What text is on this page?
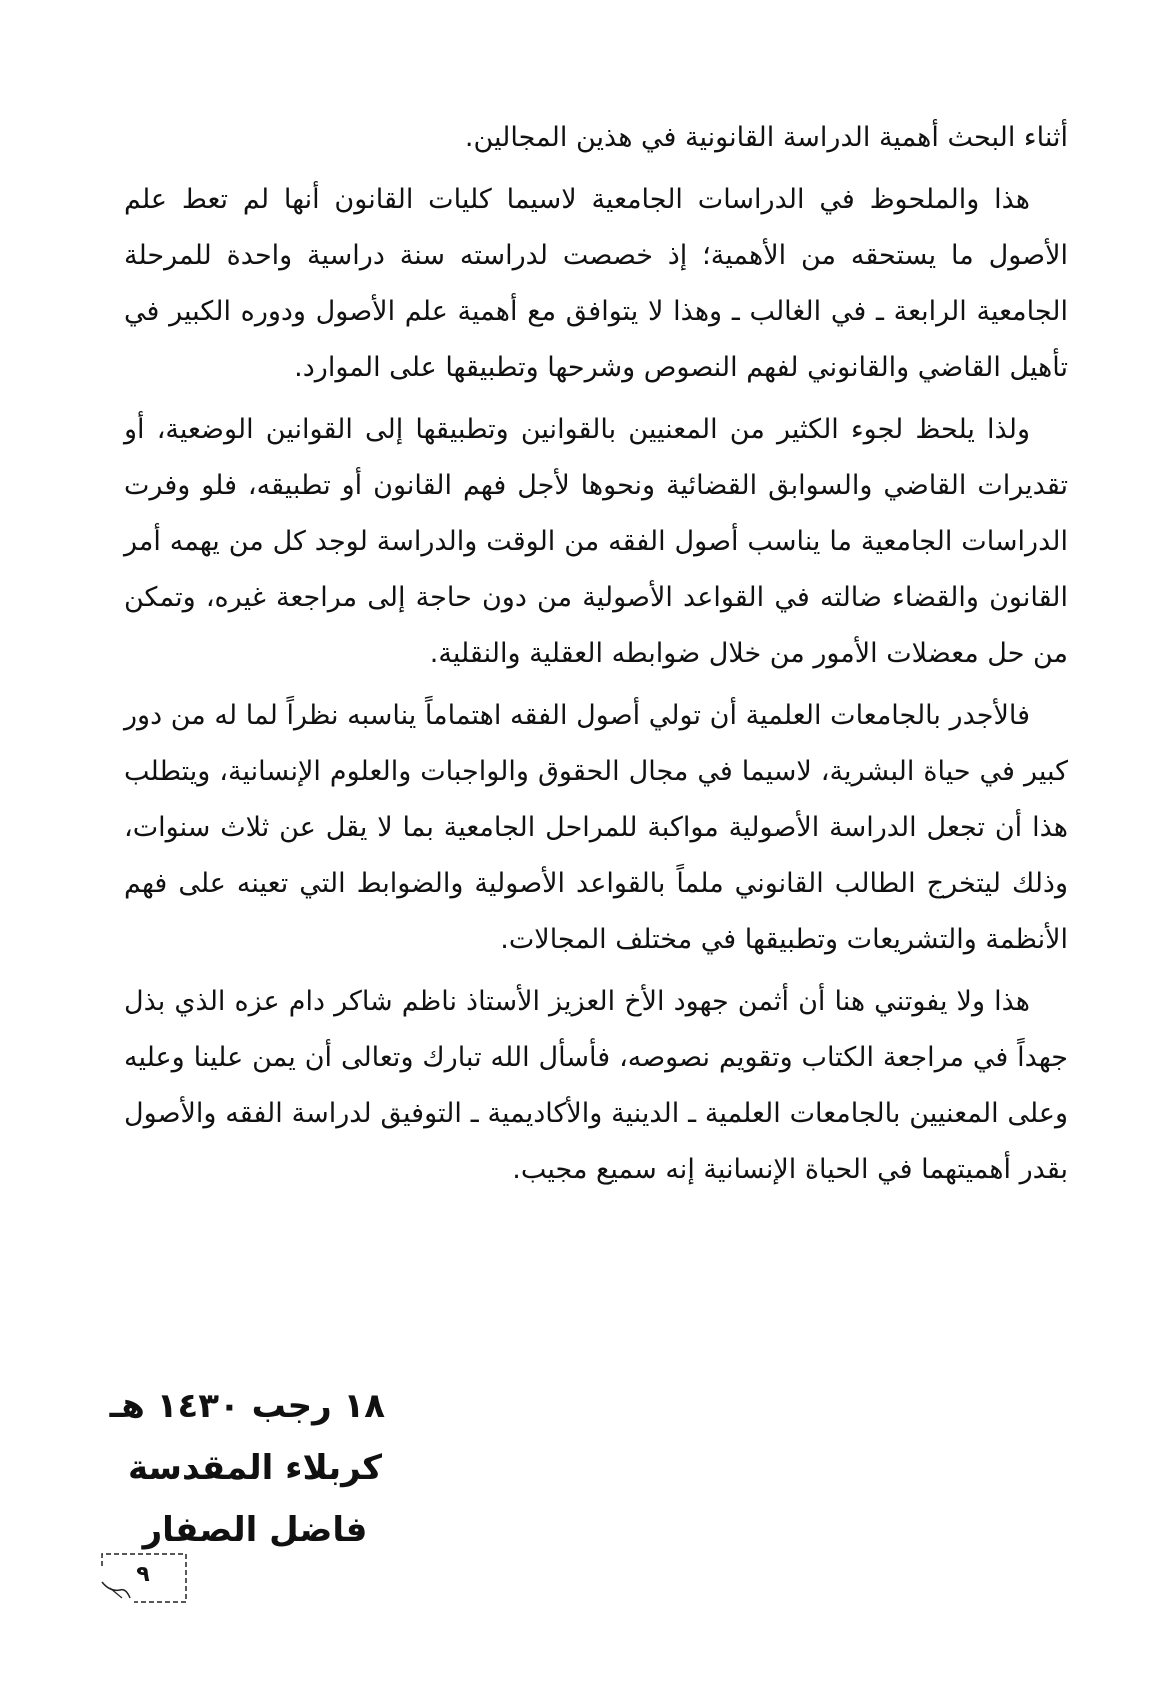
أثناء البحث أهمية الدراسة القانونية في هذين المجالين.

هذا والملحوظ في الدراسات الجامعية لاسيما كليات القانون أنها لم تعط علم الأصول ما يستحقه من الأهمية؛ إذ خصصت لدراسته سنة دراسية واحدة للمرحلة الجامعية الرابعة ـ في الغالب ـ وهذا لا يتوافق مع أهمية علم الأصول ودوره الكبير في تأهيل القاضي والقانوني لفهم النصوص وشرحها وتطبيقها على الموارد.

ولذا يلحظ لجوء الكثير من المعنيين بالقوانين وتطبيقها إلى القوانين الوضعية، أو تقديرات القاضي والسوابق القضائية ونحوها لأجل فهم القانون أو تطبيقه، فلو وفرت الدراسات الجامعية ما يناسب أصول الفقه من الوقت والدراسة لوجد كل من يهمه أمر القانون والقضاء ضالته في القواعد الأصولية من دون حاجة إلى مراجعة غيره، وتمكن من حل معضلات الأمور من خلال ضوابطه العقلية والنقلية.

فالأجدر بالجامعات العلمية أن تولي أصول الفقه اهتماماً يناسبه نظراً لما له من دور كبير في حياة البشرية، لاسيما في مجال الحقوق والواجبات والعلوم الإنسانية، ويتطلب هذا أن تجعل الدراسة الأصولية مواكبة للمراحل الجامعية بما لا يقل عن ثلاث سنوات، وذلك ليتخرج الطالب القانوني ملماً بالقواعد الأصولية والضوابط التي تعينه على فهم الأنظمة والتشريعات وتطبيقها في مختلف المجالات.

هذا ولا يفوتني هنا أن أثمن جهود الأخ العزيز الأستاذ ناظم شاكر دام عزه الذي بذل جهداً في مراجعة الكتاب وتقويم نصوصه، فأسأل الله تبارك وتعالى أن يمن علينا وعليه وعلى المعنيين بالجامعات العلمية ـ الدينية والأكاديمية ـ التوفيق لدراسة الفقه والأصول بقدر أهميتهما في الحياة الإنسانية إنه سميع مجيب.

١٨ رجب ١٤٣٠ هـ
كربلاء المقدسة
فاضل الصفار
٩
